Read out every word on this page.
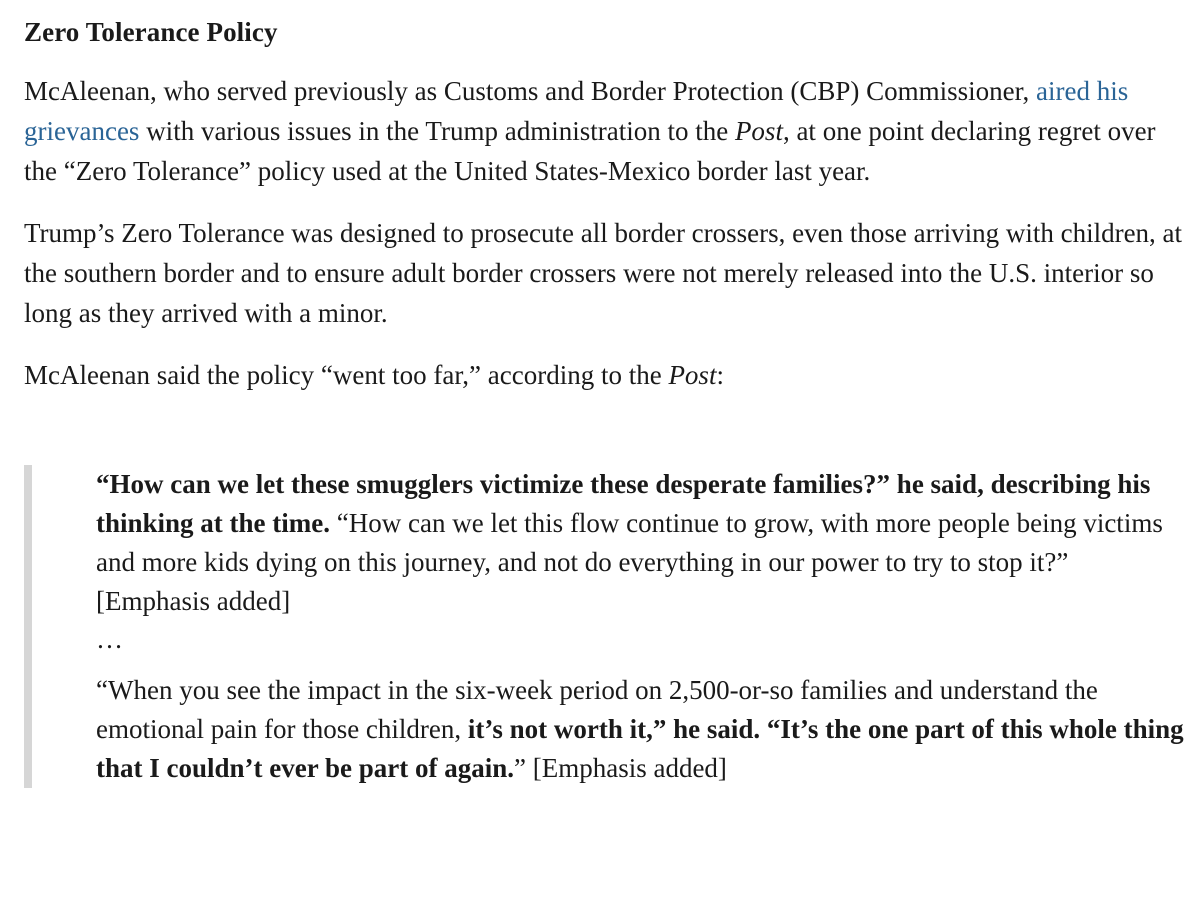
Zero Tolerance Policy

McAleenan, who served previously as Customs and Border Protection (CBP) Commissioner, aired his grievances with various issues in the Trump administration to the Post, at one point declaring regret over the “Zero Tolerance” policy used at the United States-Mexico border last year.

Trump’s Zero Tolerance was designed to prosecute all border crossers, even those arriving with children, at the southern border and to ensure adult border crossers were not merely released into the U.S. interior so long as they arrived with a minor.

McAleenan said the policy “went too far,” according to the Post:

“How can we let these smugglers victimize these desperate families?” he said, describing his thinking at the time. “How can we let this flow continue to grow, with more people being victims and more kids dying on this journey, and not do everything in our power to try to stop it?” [Emphasis added]

…

“When you see the impact in the six-week period on 2,500-or-so families and understand the emotional pain for those children, it’s not worth it,” he said. “It’s the one part of this whole thing that I couldn’t ever be part of again.” [Emphasis added]
